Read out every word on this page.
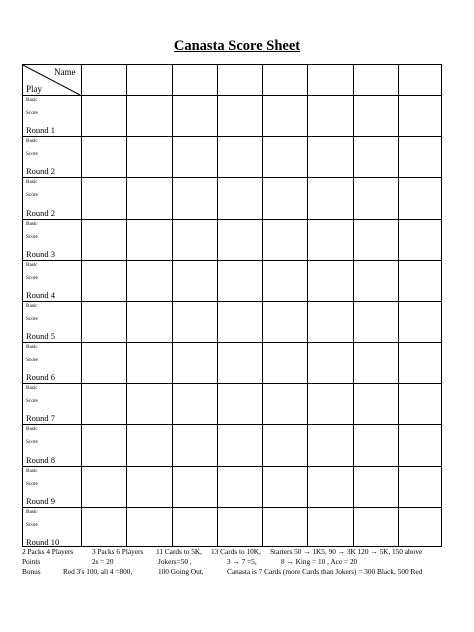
Canasta Score Sheet
Name
Play
Basic
Score
Round 1
Basic
Score
Round 2
Basic
Score
Round 2
Basic
Score
Round 3
Basic
Score
Round 4
Basic
Score
Round 5
Basic
Score
Round 6
Basic
Score
Round 7
Basic
Score
Round 8
Basic
Score
Round 9
Basic
Score
Round 10
2 Packs 4 Players	3 Packs 6 Players 11 Cards to 5K, 13 Cards to 10K, Starters 50 → 1K5, 90 → 3K 120 → 5K, 150 above
Points	2s = 20	Jokers=50 ,	3 → 7 =5,	8 → King = 10 , Ace = 20
Bonus	Red 3's 100, all 4 =800,	100 Going Out,	Canasta is 7 Cards (more Cards than Jokers) = 300 Black, 500 Red
